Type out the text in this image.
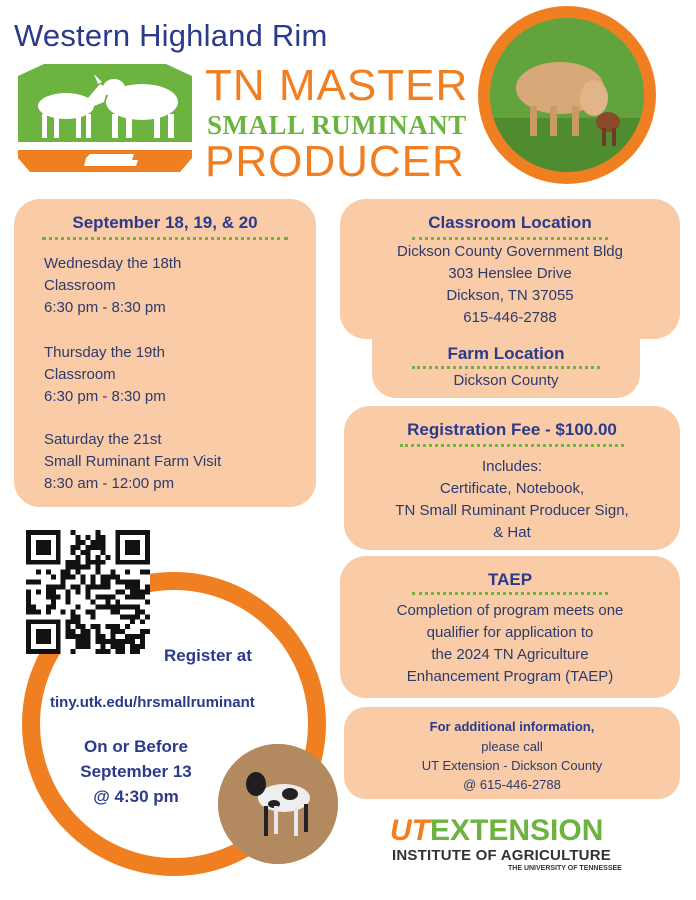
Western Highland Rim
TN MASTER
SMALL RUMINANT
PRODUCER
September 18, 19, & 20
Wednesday the 18th
Classroom
6:30 pm - 8:30 pm
Thursday the 19th
Classroom
6:30 pm - 8:30 pm
Saturday the 21st
Small Ruminant Farm Visit
8:30 am - 12:00 pm
Classroom Location
Dickson County Government Bldg
303 Henslee Drive
Dickson, TN 37055
615-446-2788
Farm Location
Dickson County
Registration Fee - $100.00
Includes:
Certificate, Notebook,
TN Small Ruminant Producer Sign,
& Hat
TAEP
Completion of program meets one
qualifier for application to
the 2024 TN Agriculture
Enhancement Program (TAEP)
For additional information,
please call
UT Extension - Dickson County
@ 615-446-2788
Register at
tiny.utk.edu/hrsmallruminant
On or Before
September 13
@ 4:30 pm
UTEXTENSION
INSTITUTE OF AGRICULTURE
THE UNIVERSITY OF TENNESSEE
